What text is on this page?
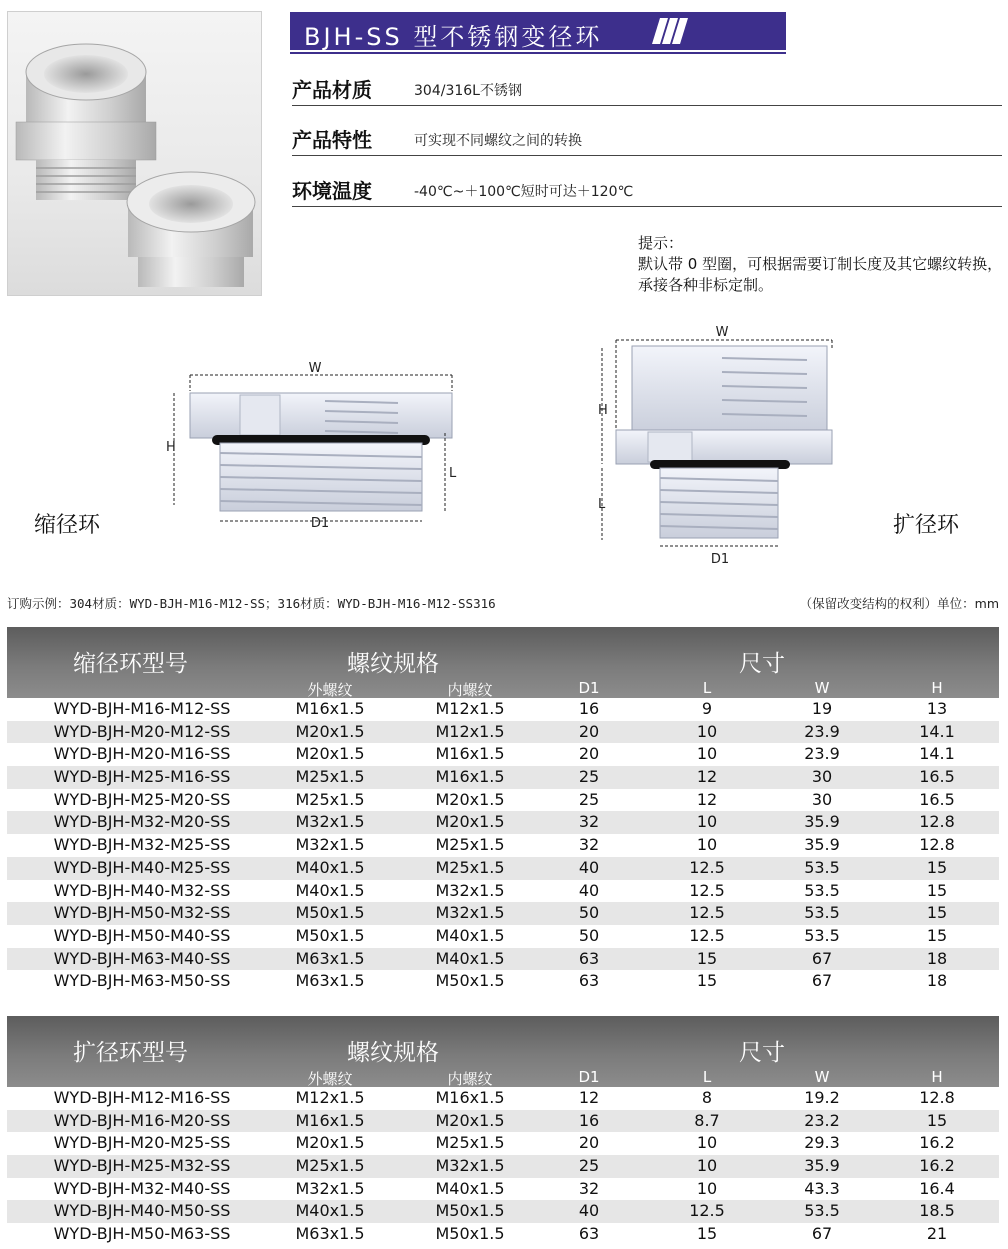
BJH-SS 型不锈钢变径环
产品材质	304/316L不锈钢
产品特性	可实现不同螺纹之间的转换
环境温度	-40℃~＋100℃短时可达＋120℃
提示：
默认带 0 型圈，可根据需要订制长度及其它螺纹转换，承接各种非标定制。
W
H
L
D1
缩径环
W
H
L
D1
扩径环
订购示例：304材质：WYD-BJH-M16-M12-SS；316材质：WYD-BJH-M16-M12-SS316	（保留改变结构的权利）单位：mm
缩径环型号	螺纹规格	尺寸
外螺纹	内螺纹	D1	L	W	H
WYD-BJH-M16-M12-SS	M16x1.5	M12x1.5	16	9	19	13
WYD-BJH-M20-M12-SS	M20x1.5	M12x1.5	20	10	23.9	14.1
WYD-BJH-M20-M16-SS	M20x1.5	M16x1.5	20	10	23.9	14.1
WYD-BJH-M25-M16-SS	M25x1.5	M16x1.5	25	12	30	16.5
WYD-BJH-M25-M20-SS	M25x1.5	M20x1.5	25	12	30	16.5
WYD-BJH-M32-M20-SS	M32x1.5	M20x1.5	32	10	35.9	12.8
WYD-BJH-M32-M25-SS	M32x1.5	M25x1.5	32	10	35.9	12.8
WYD-BJH-M40-M25-SS	M40x1.5	M25x1.5	40	12.5	53.5	15
WYD-BJH-M40-M32-SS	M40x1.5	M32x1.5	40	12.5	53.5	15
WYD-BJH-M50-M32-SS	M50x1.5	M32x1.5	50	12.5	53.5	15
WYD-BJH-M50-M40-SS	M50x1.5	M40x1.5	50	12.5	53.5	15
WYD-BJH-M63-M40-SS	M63x1.5	M40x1.5	63	15	67	18
WYD-BJH-M63-M50-SS	M63x1.5	M50x1.5	63	15	67	18
扩径环型号	螺纹规格	尺寸
外螺纹	内螺纹	D1	L	W	H
WYD-BJH-M12-M16-SS	M12x1.5	M16x1.5	12	8	19.2	12.8
WYD-BJH-M16-M20-SS	M16x1.5	M20x1.5	16	8.7	23.2	15
WYD-BJH-M20-M25-SS	M20x1.5	M25x1.5	20	10	29.3	16.2
WYD-BJH-M25-M32-SS	M25x1.5	M32x1.5	25	10	35.9	16.2
WYD-BJH-M32-M40-SS	M32x1.5	M40x1.5	32	10	43.3	16.4
WYD-BJH-M40-M50-SS	M40x1.5	M50x1.5	40	12.5	53.5	18.5
WYD-BJH-M50-M63-SS	M63x1.5	M50x1.5	63	15	67	21
